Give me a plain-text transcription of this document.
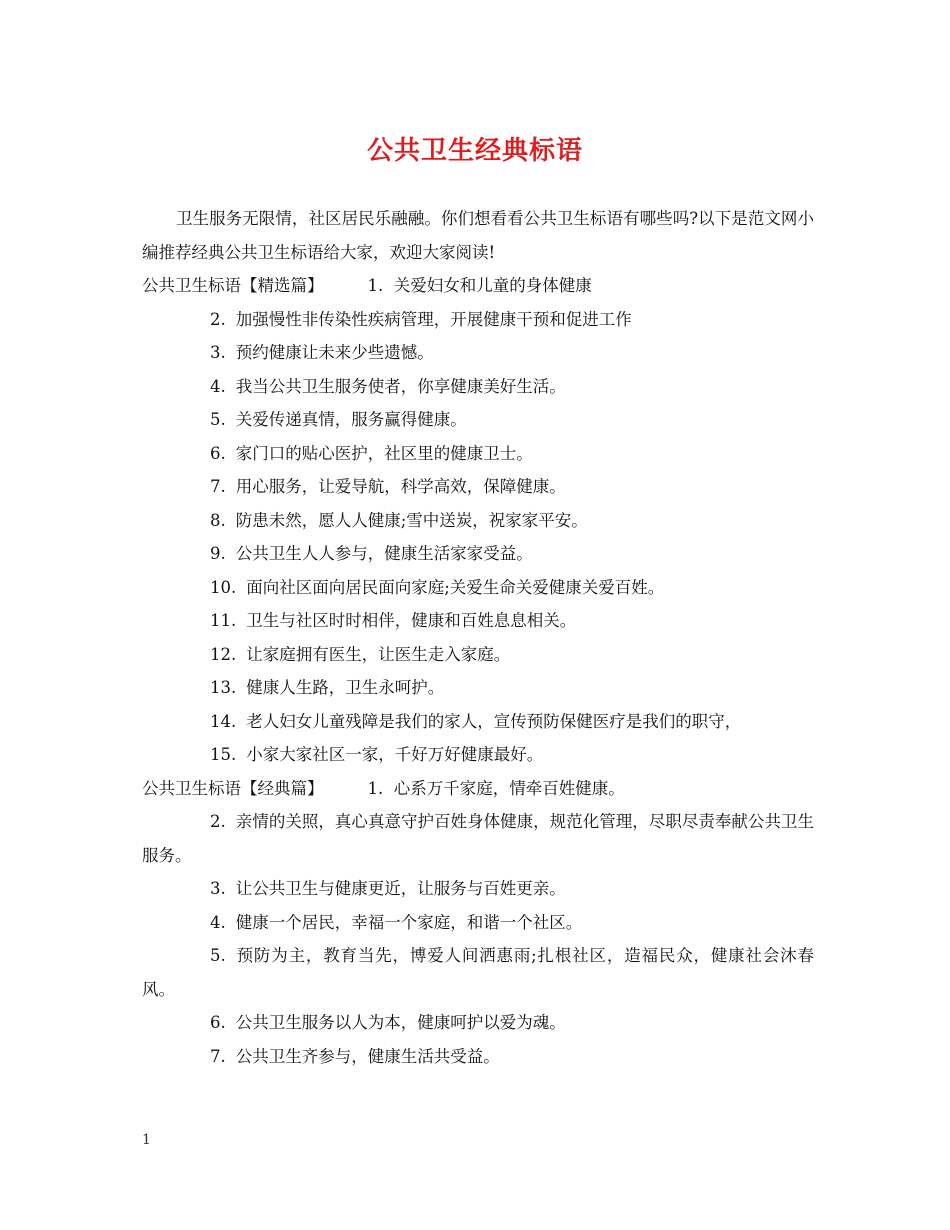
公共卫生经典标语

卫生服务无限情，社区居民乐融融。你们想看看公共卫生标语有哪些吗?以下是范文网小编推荐经典公共卫生标语给大家，欢迎大家阅读!

公共卫生标语【精选篇】	1. 关爱妇女和儿童的身体健康

2. 加强慢性非传染性疾病管理，开展健康干预和促进工作

3. 预约健康让未来少些遗憾。

4. 我当公共卫生服务使者，你享健康美好生活。

5. 关爱传递真情，服务赢得健康。

6. 家门口的贴心医护，社区里的健康卫士。

7. 用心服务，让爱导航，科学高效，保障健康。

8. 防患未然，愿人人健康;雪中送炭，祝家家平安。

9. 公共卫生人人参与，健康生活家家受益。

10. 面向社区面向居民面向家庭;关爱生命关爱健康关爱百姓。

11. 卫生与社区时时相伴，健康和百姓息息相关。

12. 让家庭拥有医生，让医生走入家庭。

13. 健康人生路，卫生永呵护。

14. 老人妇女儿童残障是我们的家人，宣传预防保健医疗是我们的职守，

15. 小家大家社区一家，千好万好健康最好。

公共卫生标语【经典篇】	1. 心系万千家庭，情牵百姓健康。

2. 亲情的关照，真心真意守护百姓身体健康，规范化管理，尽职尽责奉献公共卫生服务。

3. 让公共卫生与健康更近，让服务与百姓更亲。

4. 健康一个居民，幸福一个家庭，和谐一个社区。

5. 预防为主，教育当先，博爱人间洒惠雨;扎根社区，造福民众，健康社会沐春风。

6. 公共卫生服务以人为本，健康呵护以爱为魂。

7. 公共卫生齐参与，健康生活共受益。

1
